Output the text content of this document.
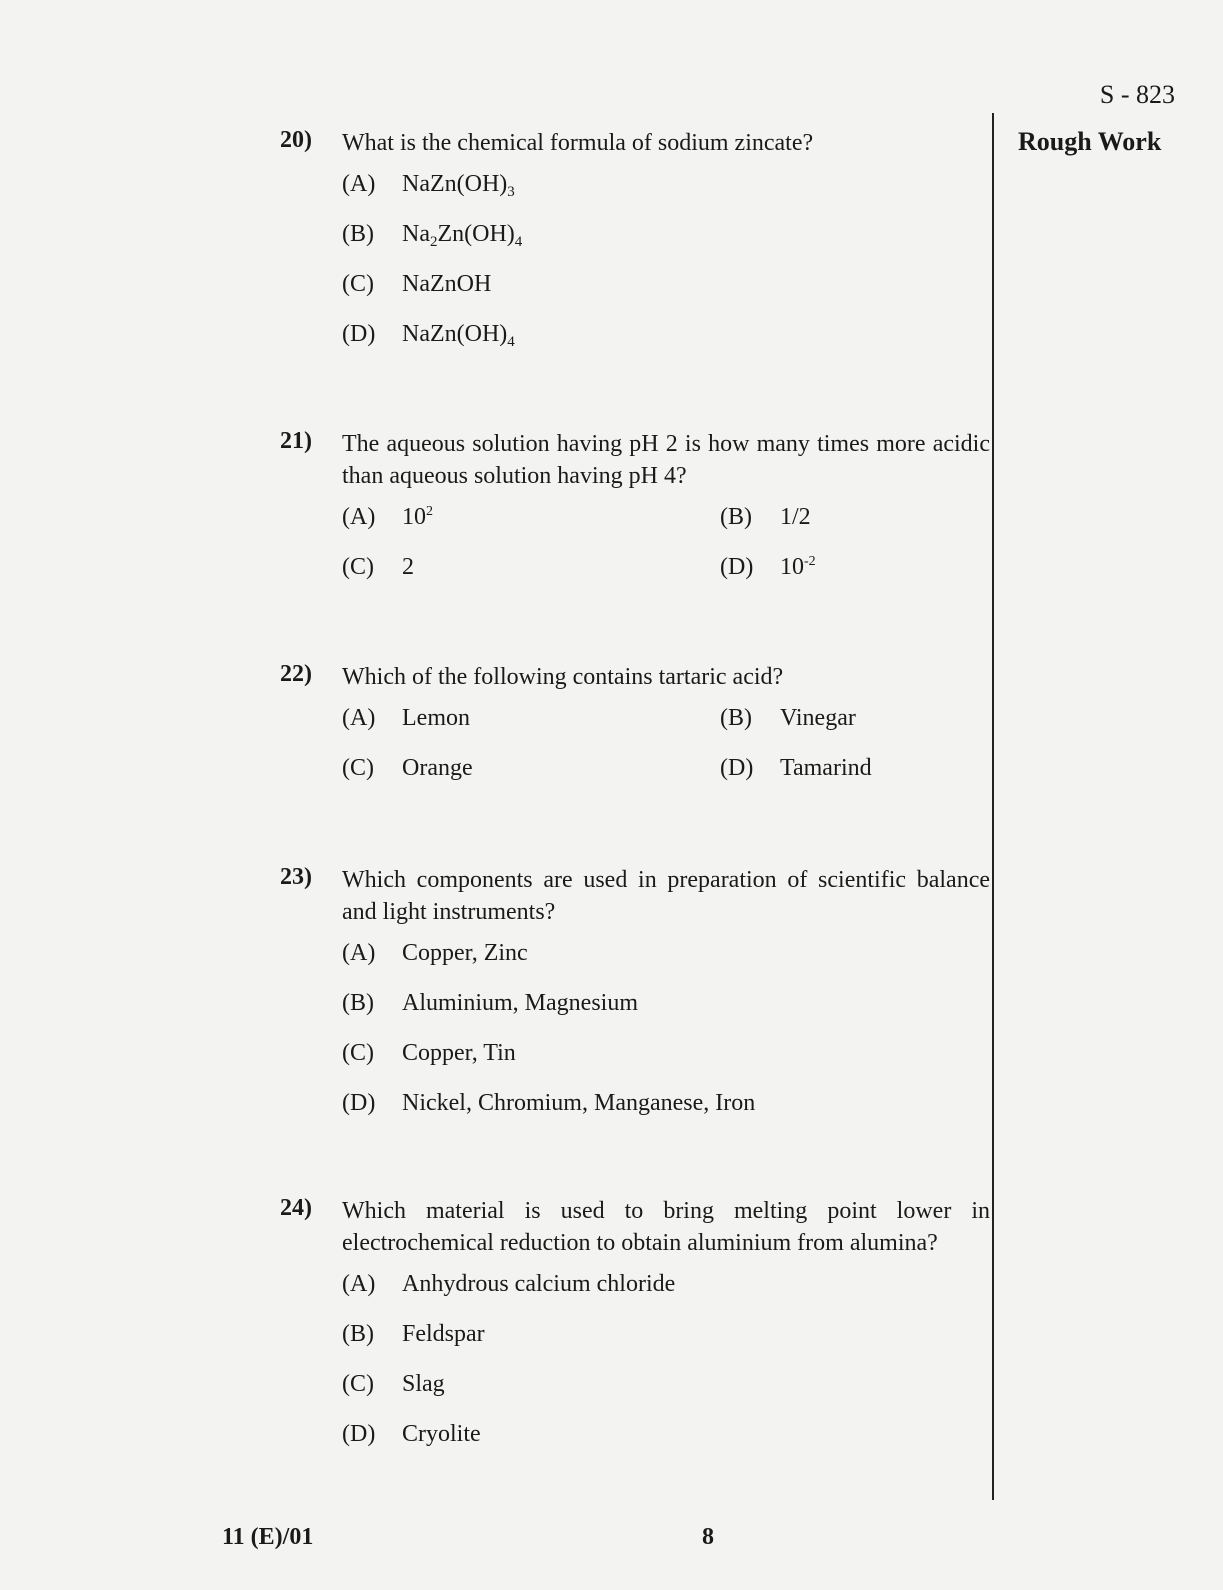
S - 823
Rough Work
20) What is the chemical formula of sodium zincate?
(A)	$NaZn(OH)_3$
(B)	$Na_2Zn(OH)_4$
(C)	NaZnOH
(D)	$NaZn(OH)_4$
21) The aqueous solution having pH 2 is how many times more acidic than aqueous solution having pH 4?
(A)	$10^2$	(B)	1/2
(C)	2	(D)	$10^{-2}$
22) Which of the following contains tartaric acid?
(A)	Lemon	(B)	Vinegar
(C)	Orange	(D)	Tamarind
23) Which components are used in preparation of scientific balance and light instruments?
(A)	Copper, Zinc
(B)	Aluminium, Magnesium
(C)	Copper, Tin
(D)	Nickel, Chromium, Manganese, Iron
24) Which material is used to bring melting point lower in electrochemical reduction to obtain aluminium from alumina?
(A)	Anhydrous calcium chloride
(B)	Feldspar
(C)	Slag
(D)	Cryolite
11 (E)/01	8
